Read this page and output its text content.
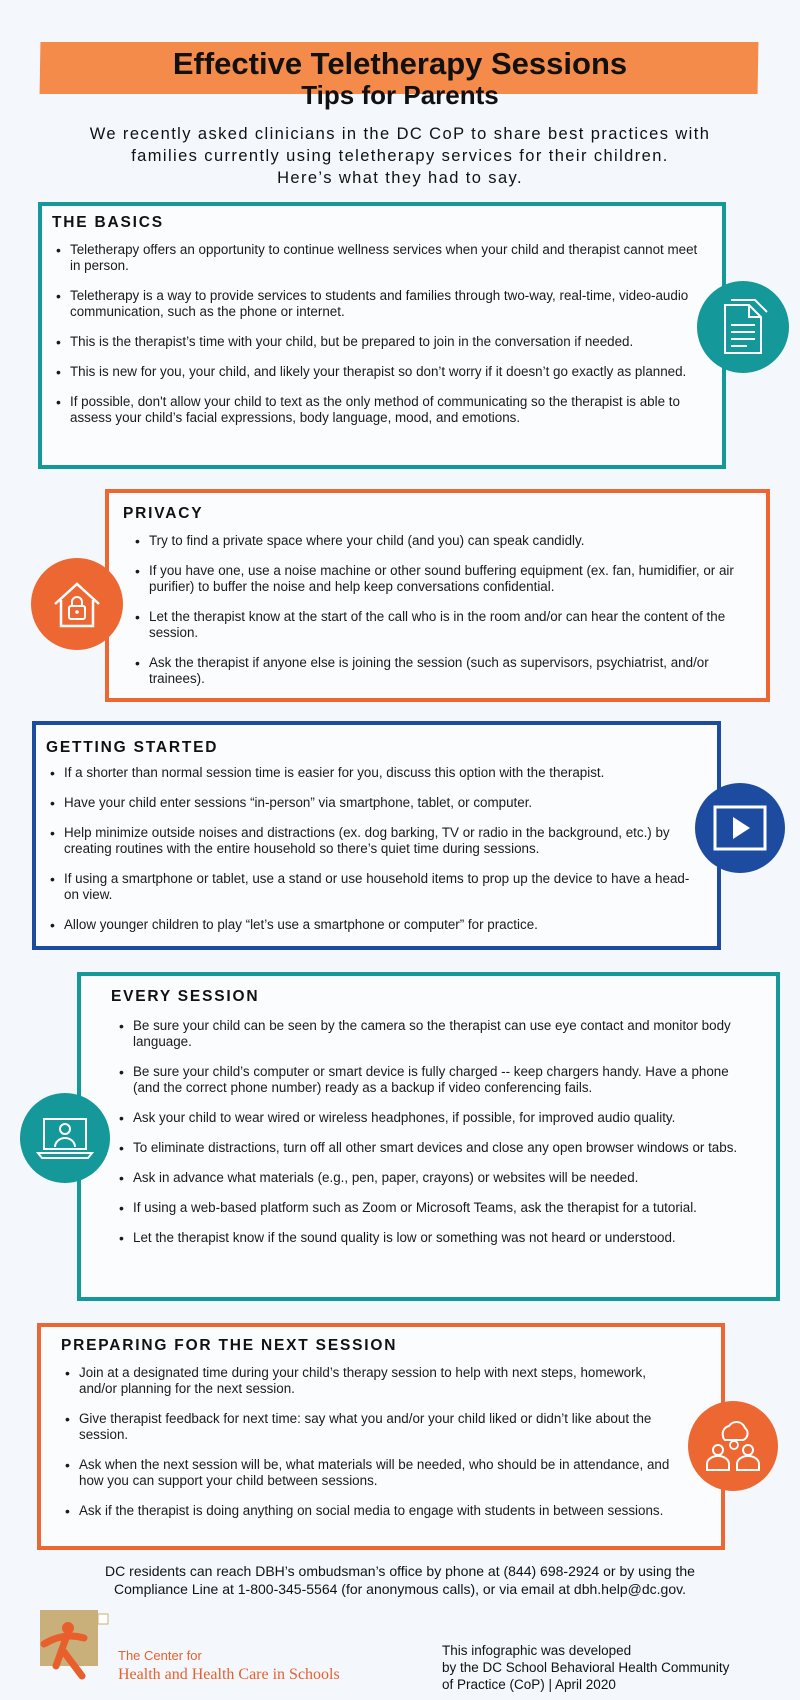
Effective Teletherapy Sessions
Tips for Parents
We recently asked clinicians in the DC CoP to share best practices with
families currently using teletherapy services for their children.
Here’s what they had to say.
THE BASICS
• Teletherapy offers an opportunity to continue wellness services when your child and therapist cannot meet in person.
• Teletherapy is a way to provide services to students and families through two-way, real-time, video-audio communication, such as the phone or internet.
• This is the therapist’s time with your child, but be prepared to join in the conversation if needed.
• This is new for you, your child, and likely your therapist so don’t worry if it doesn’t go exactly as planned.
• If possible, don't allow your child to text as the only method of communicating so the therapist is able to assess your child’s facial expressions, body language, mood, and emotions.
PRIVACY
• Try to find a private space where your child (and you) can speak candidly.
• If you have one, use a noise machine or other sound buffering equipment (ex. fan, humidifier, or air purifier) to buffer the noise and help keep conversations confidential.
• Let the therapist know at the start of the call who is in the room and/or can hear the content of the session.
• Ask the therapist if anyone else is joining the session (such as supervisors, psychiatrist, and/or trainees).
GETTING STARTED
• If a shorter than normal session time is easier for you, discuss this option with the therapist.
• Have your child enter sessions “in-person” via smartphone, tablet, or computer.
• Help minimize outside noises and distractions (ex. dog barking, TV or radio in the background, etc.) by creating routines with the entire household so there’s quiet time during sessions.
• If using a smartphone or tablet, use a stand or use household items to prop up the device to have a head-on view.
• Allow younger children to play “let’s use a smartphone or computer” for practice.
EVERY SESSION
• Be sure your child can be seen by the camera so the therapist can use eye contact and monitor body language.
• Be sure your child’s computer or smart device is fully charged -- keep chargers handy. Have a phone (and the correct phone number) ready as a backup if video conferencing fails.
• Ask your child to wear wired or wireless headphones, if possible, for improved audio quality.
• To eliminate distractions, turn off all other smart devices and close any open browser windows or tabs.
• Ask in advance what materials (e.g., pen, paper, crayons) or websites will be needed.
• If using a web-based platform such as Zoom or Microsoft Teams, ask the therapist for a tutorial.
• Let the therapist know if the sound quality is low or something was not heard or understood.
PREPARING FOR THE NEXT SESSION
• Join at a designated time during your child’s therapy session to help with next steps, homework, and/or planning for the next session.
• Give therapist feedback for next time: say what you and/or your child liked or didn’t like about the session.
• Ask when the next session will be, what materials will be needed, who should be in attendance, and how you can support your child between sessions.
• Ask if the therapist is doing anything on social media to engage with students in between sessions.
DC residents can reach DBH’s ombudsman’s office by phone at (844) 698-2924 or by using the
Compliance Line at 1-800-345-5564 (for anonymous calls), or via email at dbh.help@dc.gov.
The Center for
Health and Health Care in Schools
This infographic was developed
by the DC School Behavioral Health Community
of Practice (CoP) | April 2020
